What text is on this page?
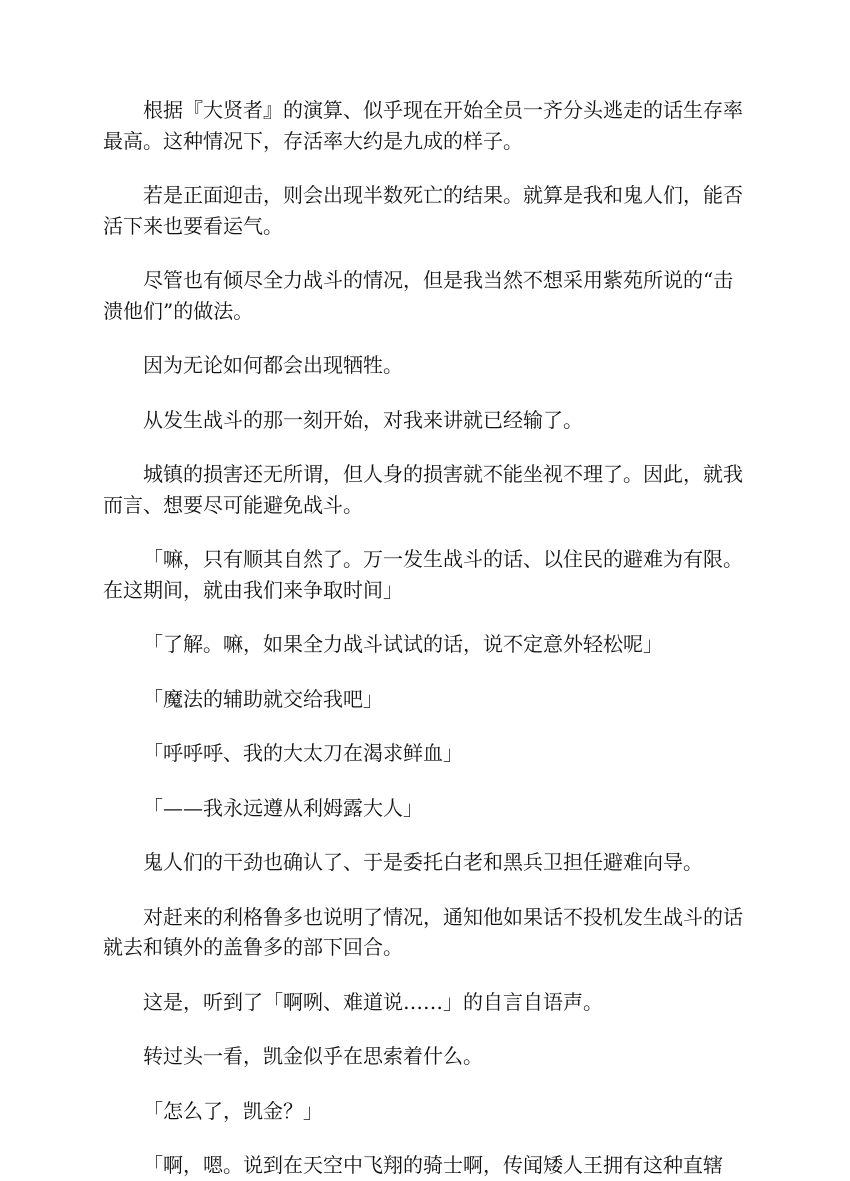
根据『大贤者』的演算、似乎现在开始全员一齐分头逃走的话生存率最高。这种情况下，存活率大约是九成的样子。

若是正面迎击，则会出现半数死亡的结果。就算是我和鬼人们，能否活下来也要看运气。

尽管也有倾尽全力战斗的情况，但是我当然不想采用紫苑所说的“击溃他们”的做法。

因为无论如何都会出现牺牲。

从发生战斗的那一刻开始，对我来讲就已经输了。

城镇的损害还无所谓，但人身的损害就不能坐视不理了。因此，就我而言、想要尽可能避免战斗。

「嘛，只有顺其自然了。万一发生战斗的话、以住民的避难为有限。在这期间，就由我们来争取时间」

「了解。嘛，如果全力战斗试试的话，说不定意外轻松呢」

「魔法的辅助就交给我吧」

「呼呼呼、我的大太刀在渴求鲜血」

「——我永远遵从利姆露大人」

鬼人们的干劲也确认了、于是委托白老和黑兵卫担任避难向导。

对赶来的利格鲁多也说明了情况，通知他如果话不投机发生战斗的话就去和镇外的盖鲁多的部下回合。

这是，听到了「啊咧、难道说……」的自言自语声。

转过头一看，凯金似乎在思索着什么。

「怎么了，凯金？」

「啊，嗯。说到在天空中飞翔的骑士啊，传闻矮人王拥有这种直辖
